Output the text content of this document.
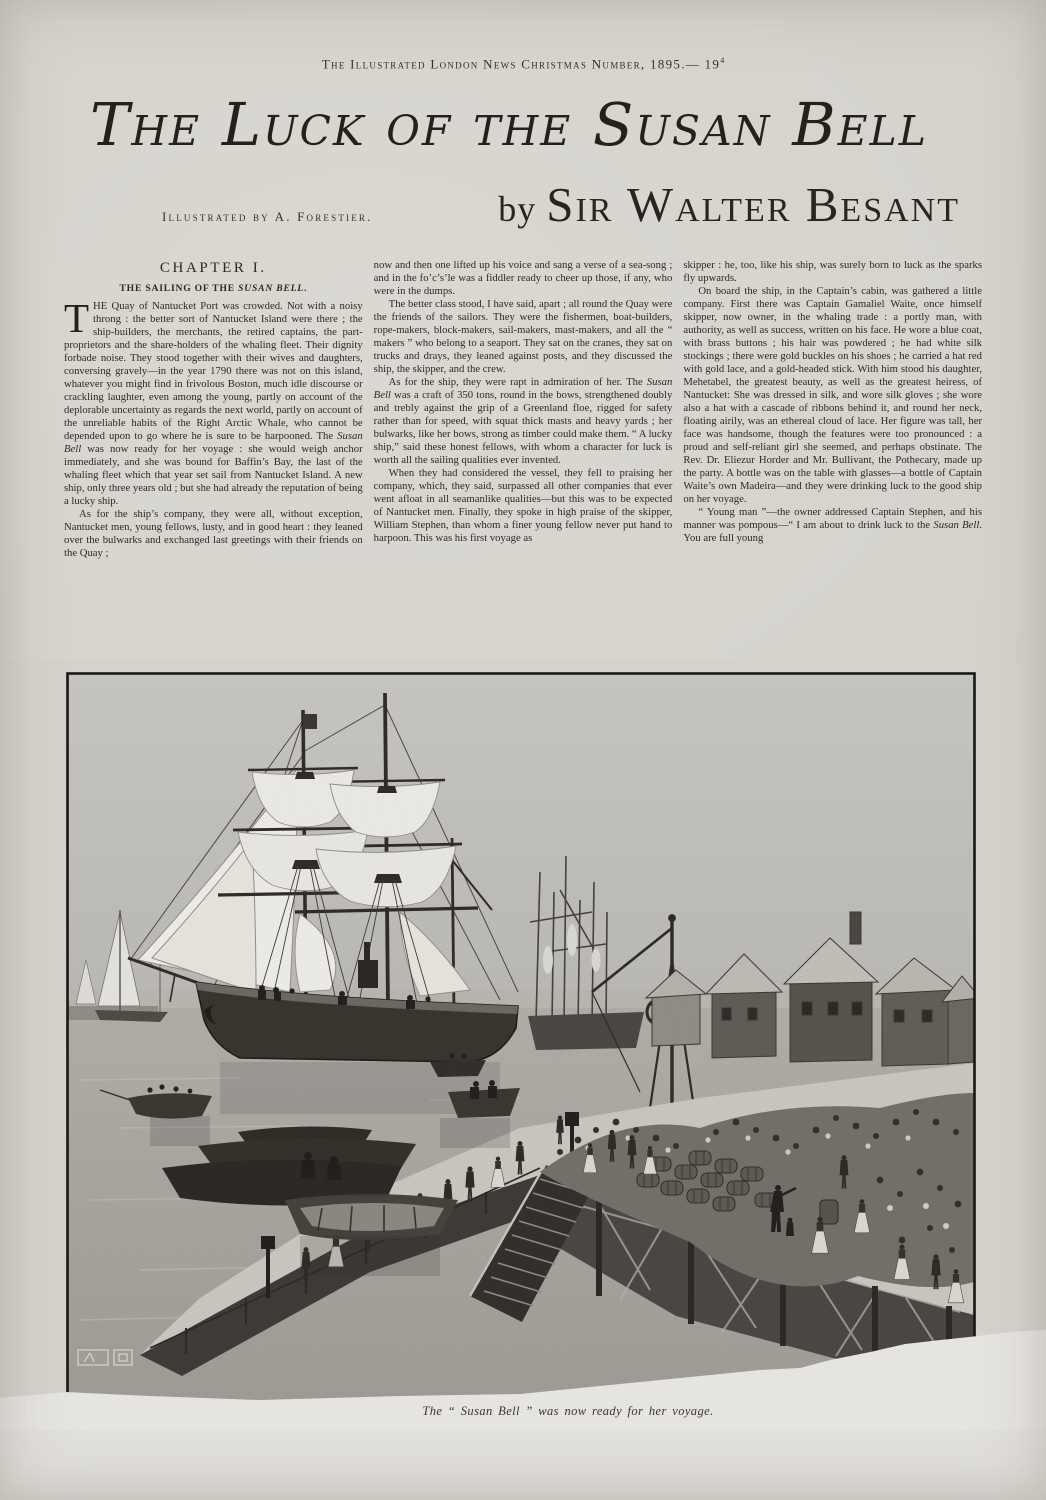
The Illustrated London News Christmas Number, 1895.— $19^4$
The Luck of the Susan Bell
Illustrated by A. Forestier.	by Sir Walter Besant
CHAPTER I.
THE SAILING OF THE SUSAN BELL.

THE Quay of Nantucket Port was crowded. Not with a noisy throng : the better sort of Nantucket Island were there ; the ship-builders, the merchants, the retired captains, the part-proprietors and the share-holders of the whaling fleet. Their dignity forbade noise. They stood together with their wives and daughters, conversing gravely—in the year 1790 there was not on this island, whatever you might find in frivolous Boston, much idle discourse or crackling laughter, even among the young, partly on account of the deplorable uncertainty as regards the next world, partly on account of the unreliable habits of the Right Arctic Whale, who cannot be depended upon to go where he is sure to be harpooned. The Susan Bell was now ready for her voyage : she would weigh anchor immediately, and she was bound for Baffin’s Bay, the last of the whaling fleet which that year set sail from Nantucket Island. A new ship, only three years old ; but she had already the reputation of being a lucky ship.

As for the ship’s company, they were all, without exception, Nantucket men, young fellows, lusty, and in good heart : they leaned over the bulwarks and exchanged last greetings with their friends on the Quay ;

now and then one lifted up his voice and sang a verse of a sea-song ; and in the fo’c’s’le was a fiddler ready to cheer up those, if any, who were in the dumps.

The better class stood, I have said, apart ; all round the Quay were the friends of the sailors. They were the fishermen, boat-builders, rope-makers, block-makers, sail-makers, mast-makers, and all the “ makers ” who belong to a seaport. They sat on the cranes, they sat on trucks and drays, they leaned against posts, and they discussed the ship, the skipper, and the crew.

As for the ship, they were rapt in admiration of her. The Susan Bell was a craft of 350 tons, round in the bows, strengthened doubly and trebly against the grip of a Greenland floe, rigged for safety rather than for speed, with squat thick masts and heavy yards ; her bulwarks, like her bows, strong as timber could make them. “ A lucky ship,” said these honest fellows, with whom a character for luck is worth all the sailing qualities ever invented.

When they had considered the vessel, they fell to praising her company, which, they said, surpassed all other companies that ever went afloat in all seamanlike qualities—but this was to be expected of Nantucket men. Finally, they spoke in high praise of the skipper, William Stephen, than whom a finer young fellow never put hand to harpoon. This was his first voyage as

skipper : he, too, like his ship, was surely born to luck as the sparks fly upwards.

On board the ship, in the Captain’s cabin, was gathered a little company. First there was Captain Gamaliel Waite, once himself skipper, now owner, in the whaling trade : a portly man, with authority, as well as success, written on his face. He wore a blue coat, with brass buttons ; his hair was powdered ; he had white silk stockings ; there were gold buckles on his shoes ; he carried a hat red with gold lace, and a gold-headed stick. With him stood his daughter, Mehetabel, the greatest beauty, as well as the greatest heiress, of Nantucket: She was dressed in silk, and wore silk gloves ; she wore also a hat with a cascade of ribbons behind it, and round her neck, floating airily, was an ethereal cloud of lace. Her figure was tall, her face was handsome, though the features were too pronounced : a proud and self-reliant girl she seemed, and perhaps obstinate. The Rev. Dr. Eliezur Horder and Mr. Bullivant, the Pothecary, made up the party. A bottle was on the table with glasses—a bottle of Captain Waite’s own Madeira—and they were drinking luck to the good ship on her voyage.

“ Young man ”—the owner addressed Captain Stephen, and his manner was pompous—“ I am about to drink luck to the Susan Bell. You are full young

The “ Susan Bell ” was now ready for her voyage.
